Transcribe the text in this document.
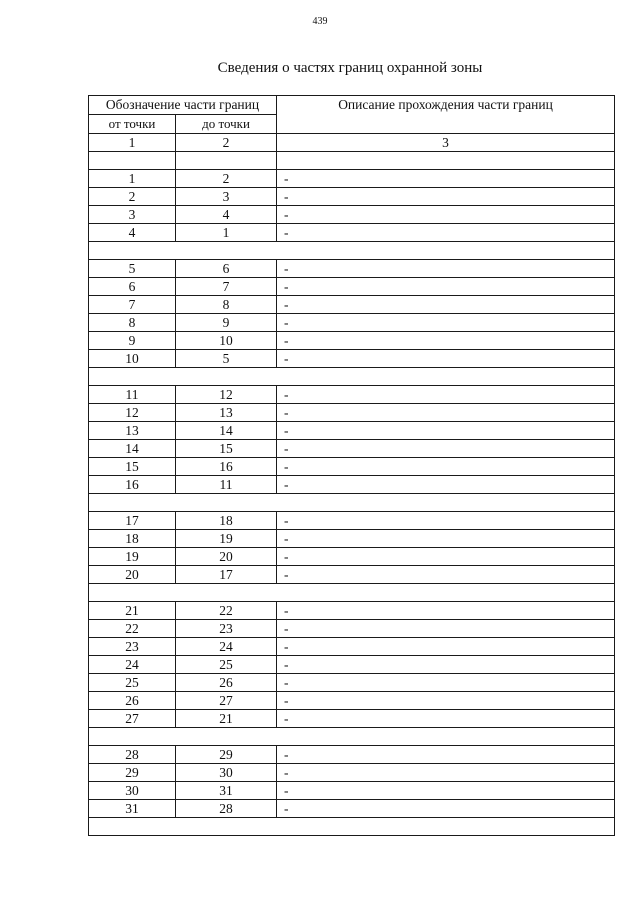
439
Сведения о частях границ охранной зоны
Обозначение части границ		Описание прохождения части границ
от точки	до точки	
1	2	3

1	2	-
2	3	-
3	4	-
4	1	-

5	6	-
6	7	-
7	8	-
8	9	-
9	10	-
10	5	-

11	12	-
12	13	-
13	14	-
14	15	-
15	16	-
16	11	-

17	18	-
18	19	-
19	20	-
20	17	-

21	22	-
22	23	-
23	24	-
24	25	-
25	26	-
26	27	-
27	21	-

28	29	-
29	30	-
30	31	-
31	28	-
